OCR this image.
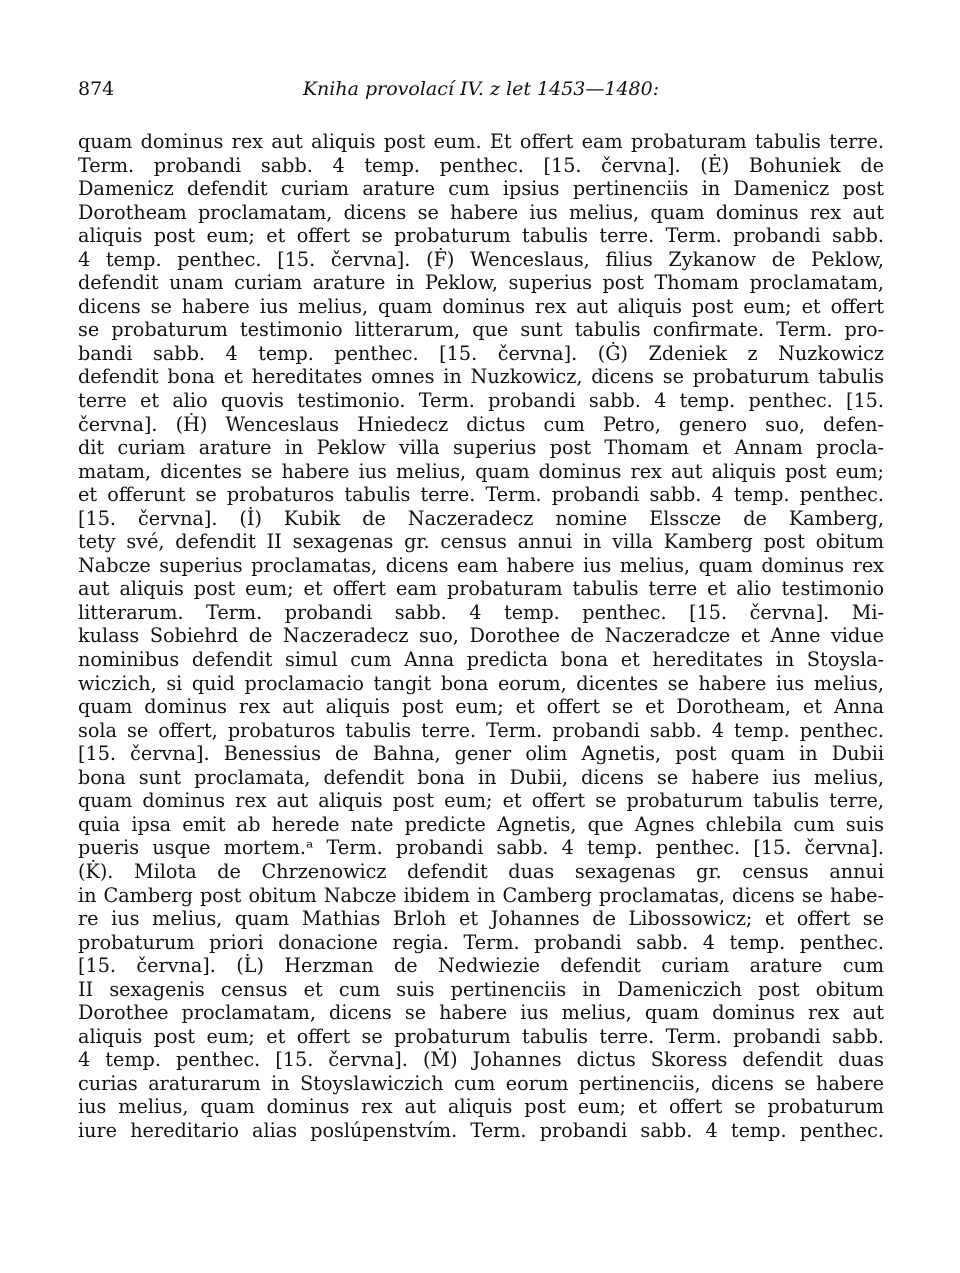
874	Kniha provolací IV. z let 1453—1480:
quam dominus rex aut aliquis post eum. Et offert eam probaturam tabulis terre.
Term. probandi sabb. 4 temp. penthec. [15. června]. (Ė) Bohuniek de
Damenicz defendit curiam arature cum ipsius pertinenciis in Damenicz post
Dorotheam proclamatam, dicens se habere ius melius, quam dominus rex aut
aliquis post eum; et offert se probaturum tabulis terre. Term. probandi sabb.
4 temp. penthec. [15. června]. (Ḟ) Wenceslaus, filius Zykanow de Peklow,
defendit unam curiam arature in Peklow, superius post Thomam proclamatam,
dicens se habere ius melius, quam dominus rex aut aliquis post eum; et offert
se probaturum testimonio litterarum, que sunt tabulis confirmate. Term. pro-
bandi sabb. 4 temp. penthec. [15. června]. (Ġ) Zdeniek z Nuzkowicz
defendit bona et hereditates omnes in Nuzkowicz, dicens se probaturum tabulis
terre et alio quovis testimonio. Term. probandi sabb. 4 temp. penthec. [15.
června]. (Ḣ) Wenceslaus Hniedecz dictus cum Petro, genero suo, defen-
dit curiam arature in Peklow villa superius post Thomam et Annam procla-
matam, dicentes se habere ius melius, quam dominus rex aut aliquis post eum;
et offerunt se probaturos tabulis terre. Term. probandi sabb. 4 temp. penthec.
[15. června]. (İ) Kubik de Naczeradecz nomine Elsscze de Kamberg,
tety své, defendit II sexagenas gr. census annui in villa Kamberg post obitum
Nabcze superius proclamatas, dicens eam habere ius melius, quam dominus rex
aut aliquis post eum; et offert eam probaturam tabulis terre et alio testimonio
litterarum. Term. probandi sabb. 4 temp. penthec. [15. června]. Mi-
kulass Sobiehrd de Naczeradecz suo, Dorothee de Naczeradcze et Anne vidue
nominibus defendit simul cum Anna predicta bona et hereditates in Stoysla-
wiczich, si quid proclamacio tangit bona eorum, dicentes se habere ius melius,
quam dominus rex aut aliquis post eum; et offert se et Dorotheam, et Anna
sola se offert, probaturos tabulis terre. Term. probandi sabb. 4 temp. penthec.
[15. června]. Benessius de Bahna, gener olim Agnetis, post quam in Dubii
bona sunt proclamata, defendit bona in Dubii, dicens se habere ius melius,
quam dominus rex aut aliquis post eum; et offert se probaturum tabulis terre,
quia ipsa emit ab herede nate predicte Agnetis, que Agnes chlebila cum suis
pueris usque mortem.ᵃ Term. probandi sabb. 4 temp. penthec. [15. června].
(K̇). Milota de Chrzenowicz defendit duas sexagenas gr. census annui
in Camberg post obitum Nabcze ibidem in Camberg proclamatas, dicens se habe-
re ius melius, quam Mathias Brloh et Johannes de Libossowicz; et offert se
probaturum priori donacione regia. Term. probandi sabb. 4 temp. penthec.
[15. června]. (L̇) Herzman de Nedwiezie defendit curiam arature cum
II sexagenis census et cum suis pertinenciis in Dameniczich post obitum
Dorothee proclamatam, dicens se habere ius melius, quam dominus rex aut
aliquis post eum; et offert se probaturum tabulis terre. Term. probandi sabb.
4 temp. penthec. [15. června]. (Ṁ) Johannes dictus Skoress defendit duas
curias araturarum in Stoyslawiczich cum eorum pertinenciis, dicens se habere
ius melius, quam dominus rex aut aliquis post eum; et offert se probaturum
iure hereditario alias poslúpenstvím. Term. probandi sabb. 4 temp. penthec.
